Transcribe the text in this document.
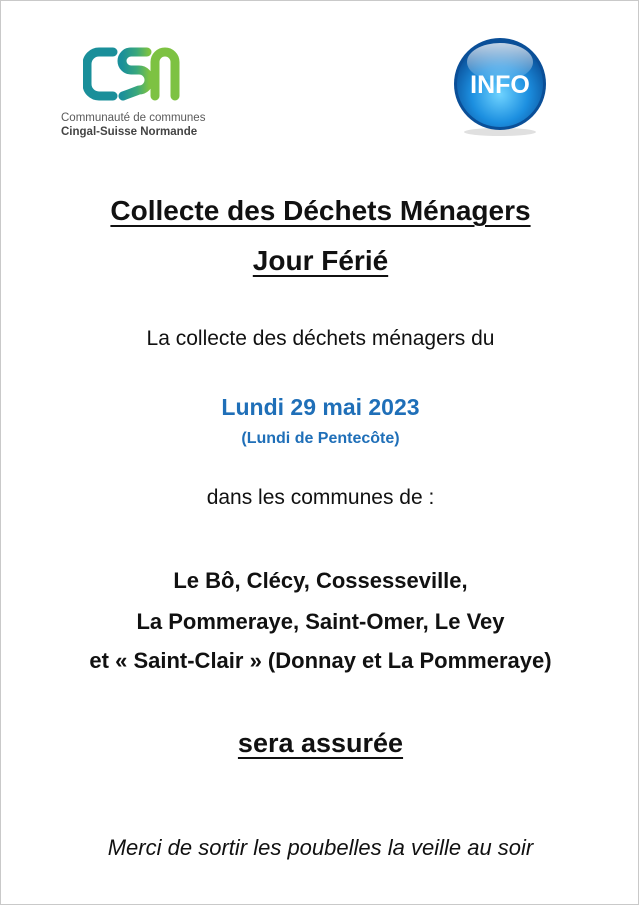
Communauté de communes
Cingal-Suisse Normande
INFO
Collecte des Déchets Ménagers
Jour Férié
La collecte des déchets ménagers du
Lundi 29 mai 2023
(Lundi de Pentecôte)
dans les communes de :
Le Bô, Clécy, Cossesseville,
La Pommeraye, Saint-Omer, Le Vey
et « Saint-Clair » (Donnay et La Pommeraye)
sera assurée
Merci de sortir les poubelles la veille au soir
